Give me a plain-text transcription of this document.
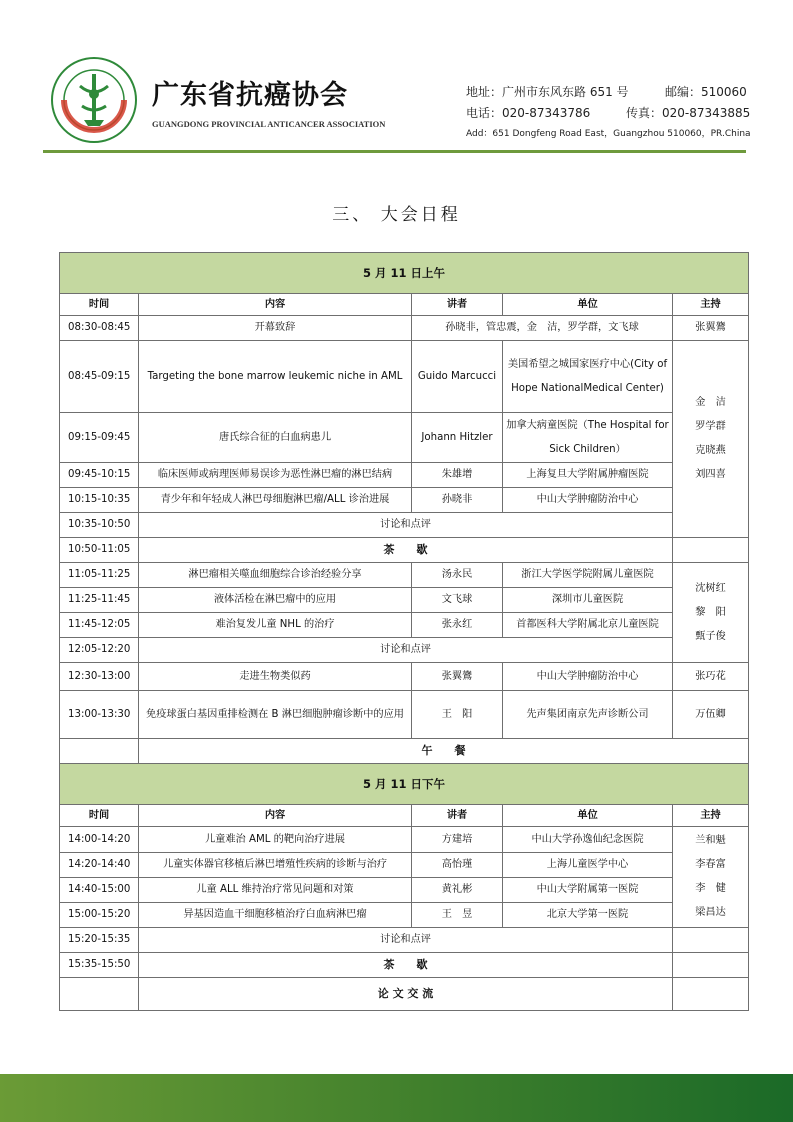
广东省抗癌协会
GUANGDONG PROVINCIAL ANTICANCER ASSOCIATION
地址：广州市东风东路 651 号	邮编：510060
电话：020-87343786	传真：020-87343885
Add：651 Dongfeng Road East，Guangzhou 510060，PR.China
三、 大会日程
5 月 11 日上午				
时间	内容	讲者	单位	主持
08:30-08:45	开幕致辞	孙晓非，管忠震，金　洁，罗学群，文飞球		张翼鷟
08:45-09:15	Targeting the bone marrow leukemic niche in AML	Guido Marcucci	美国希望之城国家医疗中心(City of Hope NationalMedical Center)	金　洁
罗学群
克晓燕
刘四喜

09:15-09:45	唐氏综合征的白血病患儿	Johann Hitzler	加拿大病童医院（The Hospital for Sick Children）	
09:45-10:15	临床医师或病理医师易误诊为恶性淋巴瘤的淋巴结病	朱雄增	上海复旦大学附属肿瘤医院	
10:15-10:35	青少年和年轻成人淋巴母细胞淋巴瘤/ALL 诊治进展	孙晓非	中山大学肿瘤防治中心	
10:35-10:50	讨论和点评			
10:50-11:05	茶　　歇			
11:05-11:25	淋巴瘤相关噬血细胞综合诊治经验分享	汤永民	浙江大学医学院附属儿童医院	沈树红
黎　阳
甄子俊

11:25-11:45	液体活检在淋巴瘤中的应用	文飞球	深圳市儿童医院	
11:45-12:05	难治复发儿童 NHL 的治疗	张永红	首都医科大学附属北京儿童医院	
12:05-12:20	讨论和点评			
12:30-13:00	走进生物类似药	张翼鷟	中山大学肿瘤防治中心	张巧花
13:00-13:30	免疫球蛋白基因重排检测在 B 淋巴细胞肿瘤诊断中的应用	王　阳	先声集团南京先声诊断公司	万伍卿
	午　　餐			
5 月 11 日下午				
时间	内容	讲者	单位	主持
14:00-14:20	儿童难治 AML 的靶向治疗进展	方建培	中山大学孙逸仙纪念医院	兰和魁
李春富
李　健
梁昌达

14:20-14:40	儿童实体器官移植后淋巴增殖性疾病的诊断与治疗	高怡瑾	上海儿童医学中心	
14:40-15:00	儿童 ALL 维持治疗常见问题和对策	黄礼彬	中山大学附属第一医院	
15:00-15:20	异基因造血干细胞移植治疗白血病淋巴瘤	王　昱	北京大学第一医院	
15:20-15:35	讨论和点评			
15:35-15:50	茶　　歇			
	论 文 交 流			
